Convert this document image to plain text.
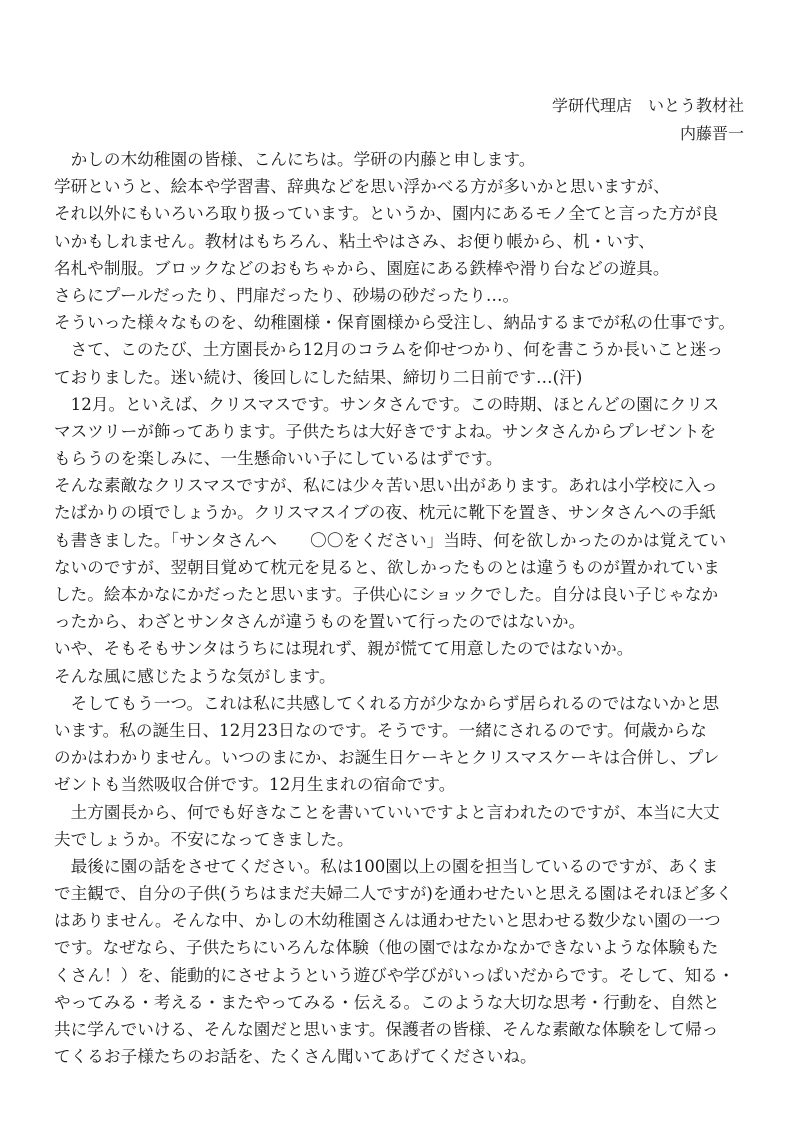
学研代理店　いとう教材社
内藤晋一
　かしの木幼稚園の皆様、こんにちは。学研の内藤と申します。
学研というと、絵本や学習書、辞典などを思い浮かべる方が多いかと思いますが、
それ以外にもいろいろ取り扱っています。というか、園内にあるモノ全てと言った方が良
いかもしれません。教材はもちろん、粘土やはさみ、お便り帳から、机・いす、
名札や制服。ブロックなどのおもちゃから、園庭にある鉄棒や滑り台などの遊具。
さらにプールだったり、門扉だったり、砂場の砂だったり…。
そういった様々なものを、幼稚園様・保育園様から受注し、納品するまでが私の仕事です。
　さて、このたび、土方園長から12月のコラムを仰せつかり、何を書こうか長いこと迷っ
ておりました。迷い続け、後回しにした結果、締切り二日前です…(汗)
　12月。といえば、クリスマスです。サンタさんです。この時期、ほとんどの園にクリス
マスツリーが飾ってあります。子供たちは大好きですよね。サンタさんからプレゼントを
もらうのを楽しみに、一生懸命いい子にしているはずです。
そんな素敵なクリスマスですが、私には少々苦い思い出があります。あれは小学校に入っ
たばかりの頃でしょうか。クリスマスイブの夜、枕元に靴下を置き、サンタさんへの手紙
も書きました。「サンタさんへ　　〇〇をください」当時、何を欲しかったのかは覚えてい
ないのですが、翌朝目覚めて枕元を見ると、欲しかったものとは違うものが置かれていま
した。絵本かなにかだったと思います。子供心にショックでした。自分は良い子じゃなか
ったから、わざとサンタさんが違うものを置いて行ったのではないか。
いや、そもそもサンタはうちには現れず、親が慌てて用意したのではないか。
そんな風に感じたような気がします。
　そしてもう一つ。これは私に共感してくれる方が少なからず居られるのではないかと思
います。私の誕生日、12月23日なのです。そうです。一緒にされるのです。何歳からな
のかはわかりません。いつのまにか、お誕生日ケーキとクリスマスケーキは合併し、プレ
ゼントも当然吸収合併です。12月生まれの宿命です。
　土方園長から、何でも好きなことを書いていいですよと言われたのですが、本当に大丈
夫でしょうか。不安になってきました。
　最後に園の話をさせてください。私は100園以上の園を担当しているのですが、あくま
で主観で、自分の子供(うちはまだ夫婦二人ですが)を通わせたいと思える園はそれほど多く
はありません。そんな中、かしの木幼稚園さんは通わせたいと思わせる数少ない園の一つ
です。なぜなら、子供たちにいろんな体験（他の園ではなかなかできないような体験もた
くさん！）を、能動的にさせようという遊びや学びがいっぱいだからです。そして、知る・
やってみる・考える・またやってみる・伝える。このような大切な思考・行動を、自然と
共に学んでいける、そんな園だと思います。保護者の皆様、そんな素敵な体験をして帰っ
てくるお子様たちのお話を、たくさん聞いてあげてくださいね。
